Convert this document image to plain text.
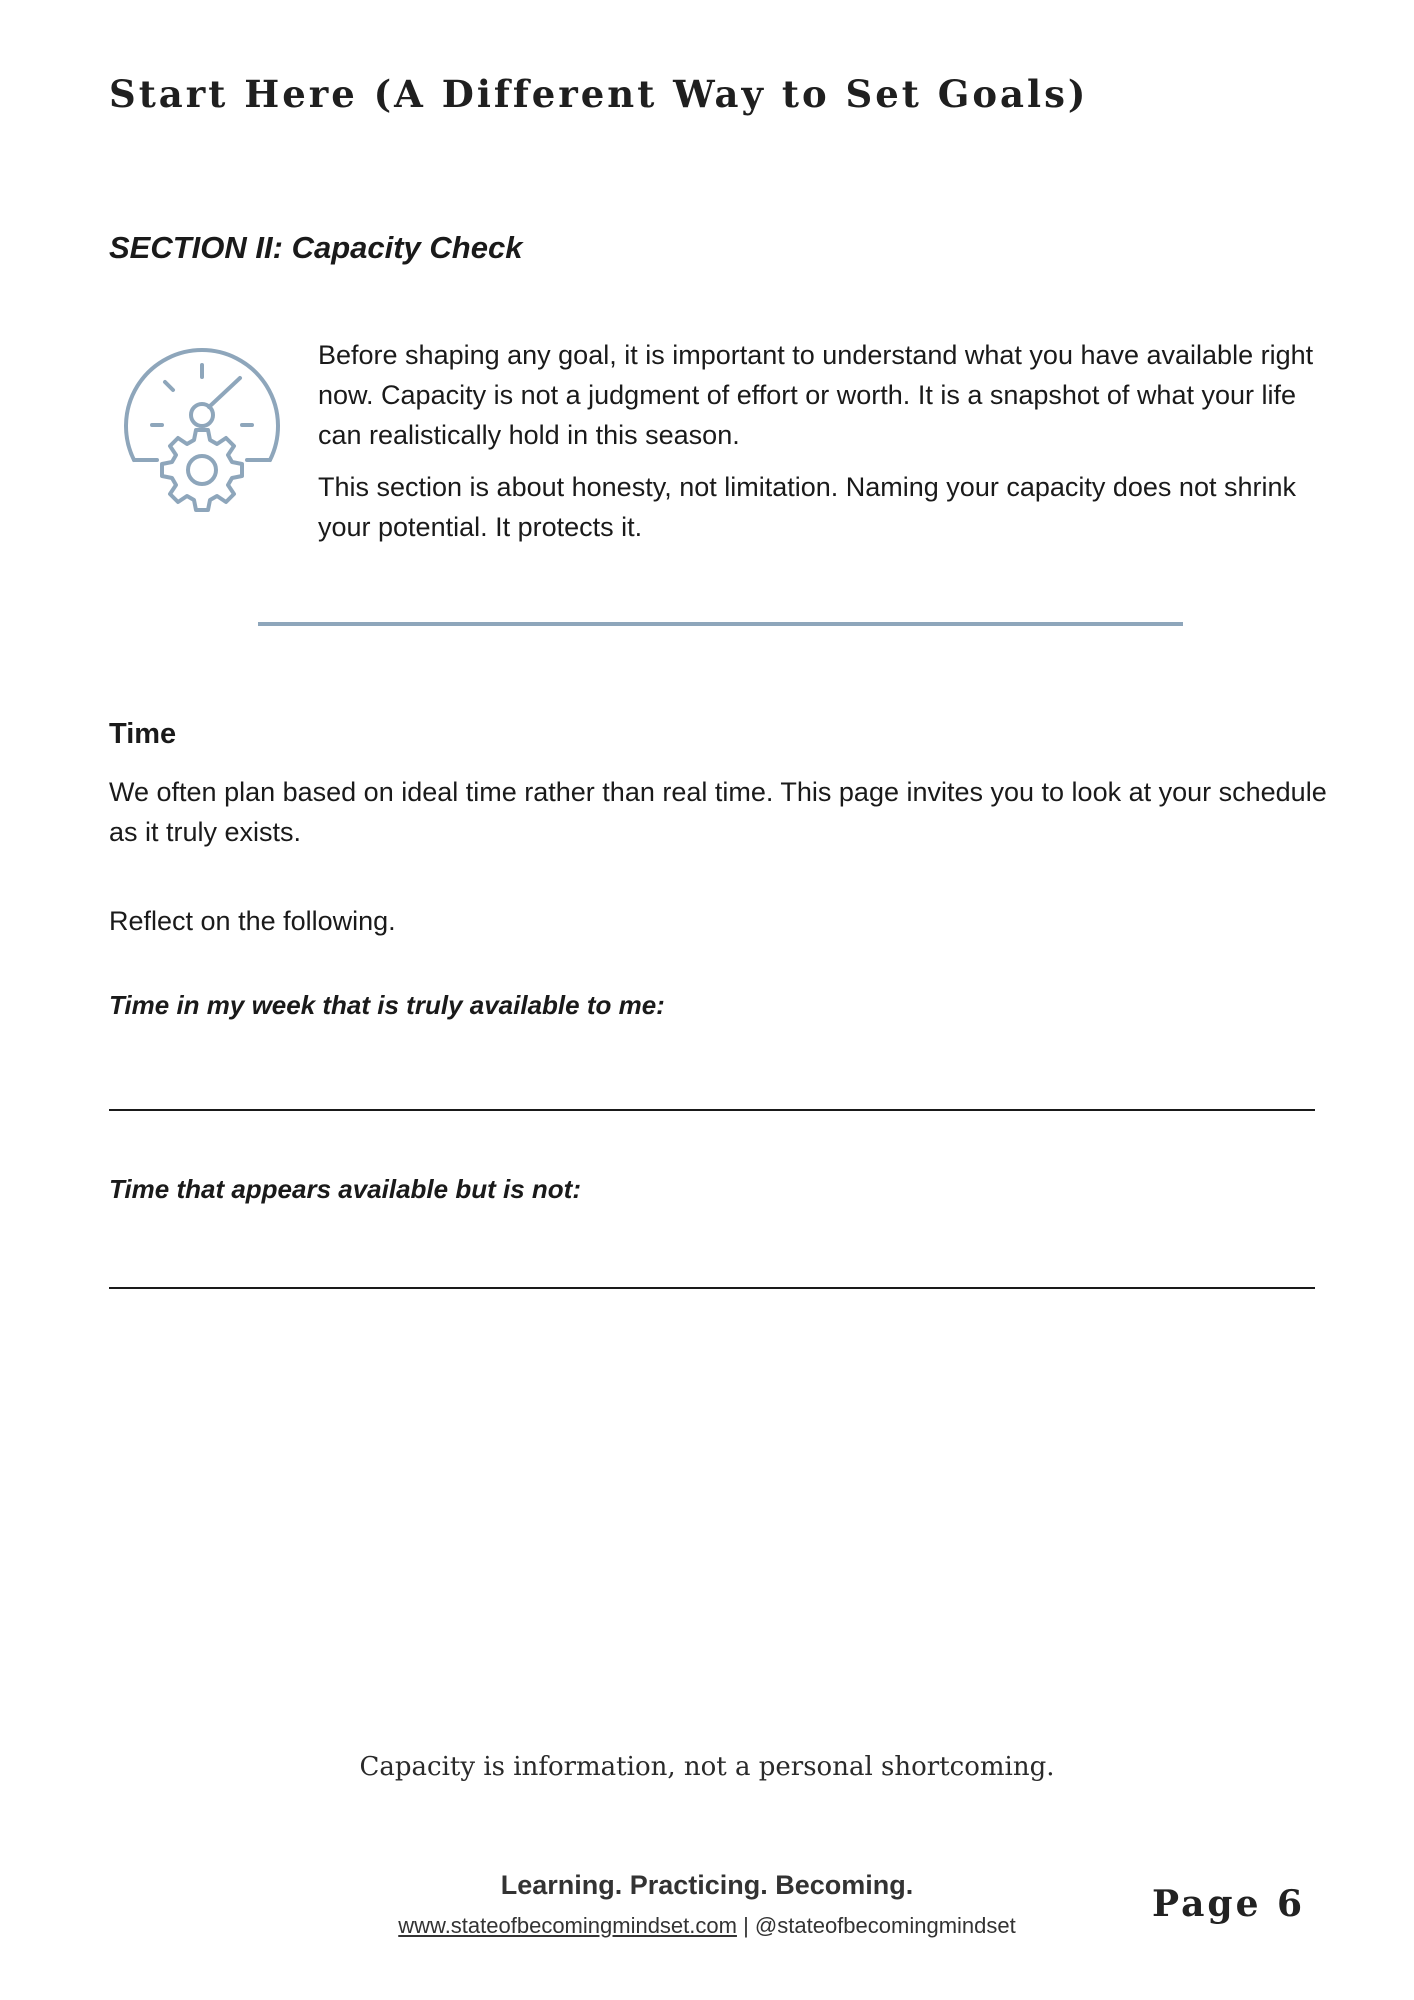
Start Here (A Different Way to Set Goals)
SECTION II: Capacity Check

Before shaping any goal, it is important to understand what you have available right now. Capacity is not a judgment of effort or worth. It is a snapshot of what your life can realistically hold in this season.

This section is about honesty, not limitation. Naming your capacity does not shrink your potential. It protects it.

Time

We often plan based on ideal time rather than real time. This page invites you to look at your schedule as it truly exists.

Reflect on the following.

Time in my week that is truly available to me:

Time that appears available but is not:

Capacity is information, not a personal shortcoming.
Learning. Practicing. Becoming.
www.stateofbecomingmindset.com | @stateofbecomingmindset
Page 6
